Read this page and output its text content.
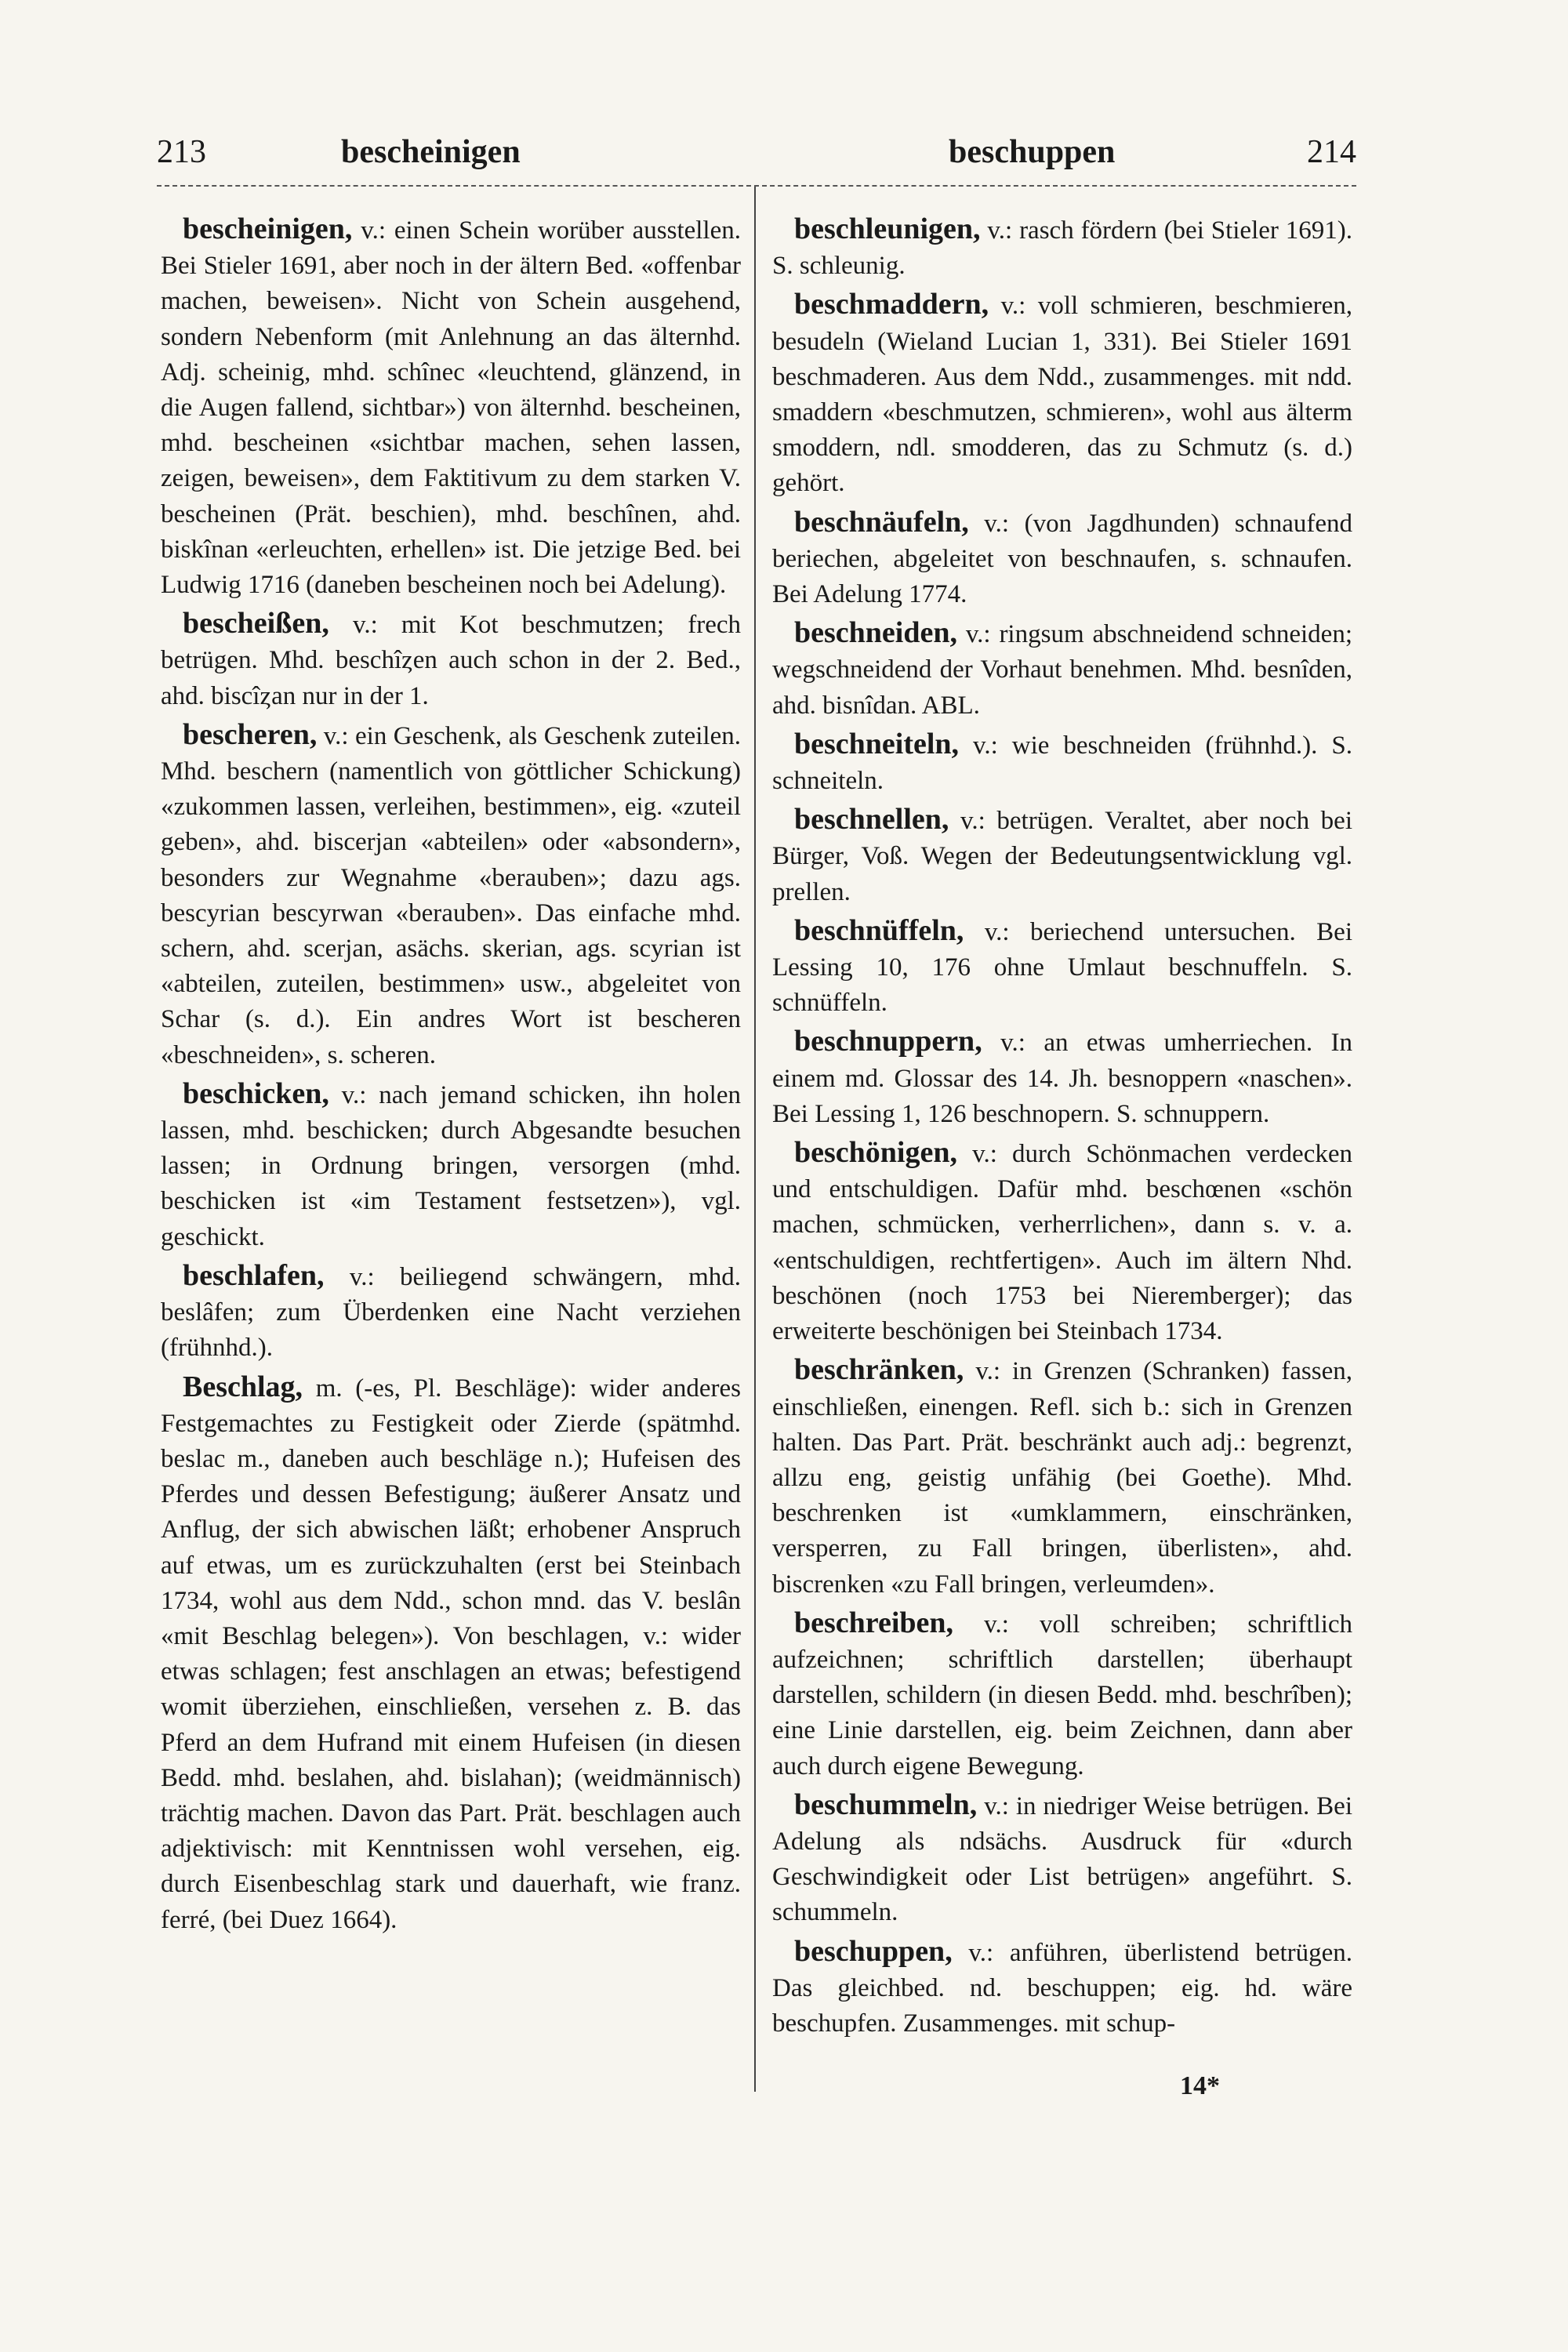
213	bescheinigen	beschuppen	214

bescheinigen, v.: einen Schein worüber ausstellen. Bei Stieler 1691, aber noch in der ältern Bed. «offenbar machen, beweisen». Nicht von Schein ausgehend, sondern Nebenform (mit Anlehnung an das älternhd. Adj. scheinig, mhd. schînec «leuchtend, glänzend, in die Augen fallend, sichtbar») von älternhd. bescheinen, mhd. bescheinen «sichtbar machen, sehen lassen, zeigen, beweisen», dem Faktitivum zu dem starken V. bescheinen (Prät. beschien), mhd. beschînen, ahd. biskînan «erleuchten, erhellen» ist. Die jetzige Bed. bei Ludwig 1716 (daneben bescheinen noch bei Adelung).

bescheißen, v.: mit Kot beschmutzen; frech betrügen. Mhd. beschîȥen auch schon in der 2. Bed., ahd. biscîȥan nur in der 1.

bescheren, v.: ein Geschenk, als Geschenk zuteilen. Mhd. beschern (namentlich von göttlicher Schickung) «zukommen lassen, verleihen, bestimmen», eig. «zuteil geben», ahd. biscerjan «abteilen» oder «absondern», besonders zur Wegnahme «berauben»; dazu ags. bescyrian bescyrwan «berauben». Das einfache mhd. schern, ahd. scerjan, asächs. skerian, ags. scyrian ist «abteilen, zuteilen, bestimmen» usw., abgeleitet von Schar (s. d.). Ein andres Wort ist bescheren «beschneiden», s. scheren.

beschicken, v.: nach jemand schicken, ihn holen lassen, mhd. beschicken; durch Abgesandte besuchen lassen; in Ordnung bringen, versorgen (mhd. beschicken ist «im Testament festsetzen»), vgl. geschickt.

beschlafen, v.: beiliegend schwängern, mhd. beslâfen; zum Überdenken eine Nacht verziehen (frühnhd.).

Beschlag, m. (-es, Pl. Beschläge): wider anderes Festgemachtes zu Festigkeit oder Zierde (spätmhd. beslac m., daneben auch beschläge n.); Hufeisen des Pferdes und dessen Befestigung; äußerer Ansatz und Anflug, der sich abwischen läßt; erhobener Anspruch auf etwas, um es zurückzuhalten (erst bei Steinbach 1734, wohl aus dem Ndd., schon mnd. das V. beslân «mit Beschlag belegen»). Von beschlagen, v.: wider etwas schlagen; fest anschlagen an etwas; befestigend womit überziehen, einschließen, versehen z. B. das Pferd an dem Hufrand mit einem Hufeisen (in diesen Bedd. mhd. beslahen, ahd. bislahan); (weidmännisch) trächtig machen. Davon das Part. Prät. beschlagen auch adjektivisch: mit Kenntnissen wohl versehen, eig. durch Eisenbeschlag stark und dauerhaft, wie franz. ferré, (bei Duez 1664).

beschleunigen, v.: rasch fördern (bei Stieler 1691). S. schleunig.

beschmaddern, v.: voll schmieren, beschmieren, besudeln (Wieland Lucian 1, 331). Bei Stieler 1691 beschmaderen. Aus dem Ndd., zusammenges. mit ndd. smaddern «beschmutzen, schmieren», wohl aus älterm smoddern, ndl. smodderen, das zu Schmutz (s. d.) gehört.

beschnäufeln, v.: (von Jagdhunden) schnaufend beriechen, abgeleitet von beschnaufen, s. schnaufen. Bei Adelung 1774.

beschneiden, v.: ringsum abschneidend schneiden; wegschneidend der Vorhaut benehmen. Mhd. besnîden, ahd. bisnîdan. ABL.

beschneiteln, v.: wie beschneiden (frühnhd.). S. schneiteln.

beschnellen, v.: betrügen. Veraltet, aber noch bei Bürger, Voß. Wegen der Bedeutungsentwicklung vgl. prellen.

beschnüffeln, v.: beriechend untersuchen. Bei Lessing 10, 176 ohne Umlaut beschnuffeln. S. schnüffeln.

beschnuppern, v.: an etwas umherriechen. In einem md. Glossar des 14. Jh. besnoppern «naschen». Bei Lessing 1, 126 beschnopern. S. schnuppern.

beschönigen, v.: durch Schönmachen verdecken und entschuldigen. Dafür mhd. beschœnen «schön machen, schmücken, verherrlichen», dann s. v. a. «entschuldigen, rechtfertigen». Auch im ältern Nhd. beschönen (noch 1753 bei Nieremberger); das erweiterte beschönigen bei Steinbach 1734.

beschränken, v.: in Grenzen (Schranken) fassen, einschließen, einengen. Refl. sich b.: sich in Grenzen halten. Das Part. Prät. beschränkt auch adj.: begrenzt, allzu eng, geistig unfähig (bei Goethe). Mhd. beschrenken ist «umklammern, einschränken, versperren, zu Fall bringen, überlisten», ahd. biscrenken «zu Fall bringen, verleumden».

beschreiben, v.: voll schreiben; schriftlich aufzeichnen; schriftlich darstellen; überhaupt darstellen, schildern (in diesen Bedd. mhd. beschrîben); eine Linie darstellen, eig. beim Zeichnen, dann aber auch durch eigene Bewegung.

beschummeln, v.: in niedriger Weise betrügen. Bei Adelung als ndsächs. Ausdruck für «durch Geschwindigkeit oder List betrügen» angeführt. S. schummeln.

beschuppen, v.: anführen, überlistend betrügen. Das gleichbed. nd. beschuppen; eig. hd. wäre beschupfen. Zusammenges. mit schup-

14*
